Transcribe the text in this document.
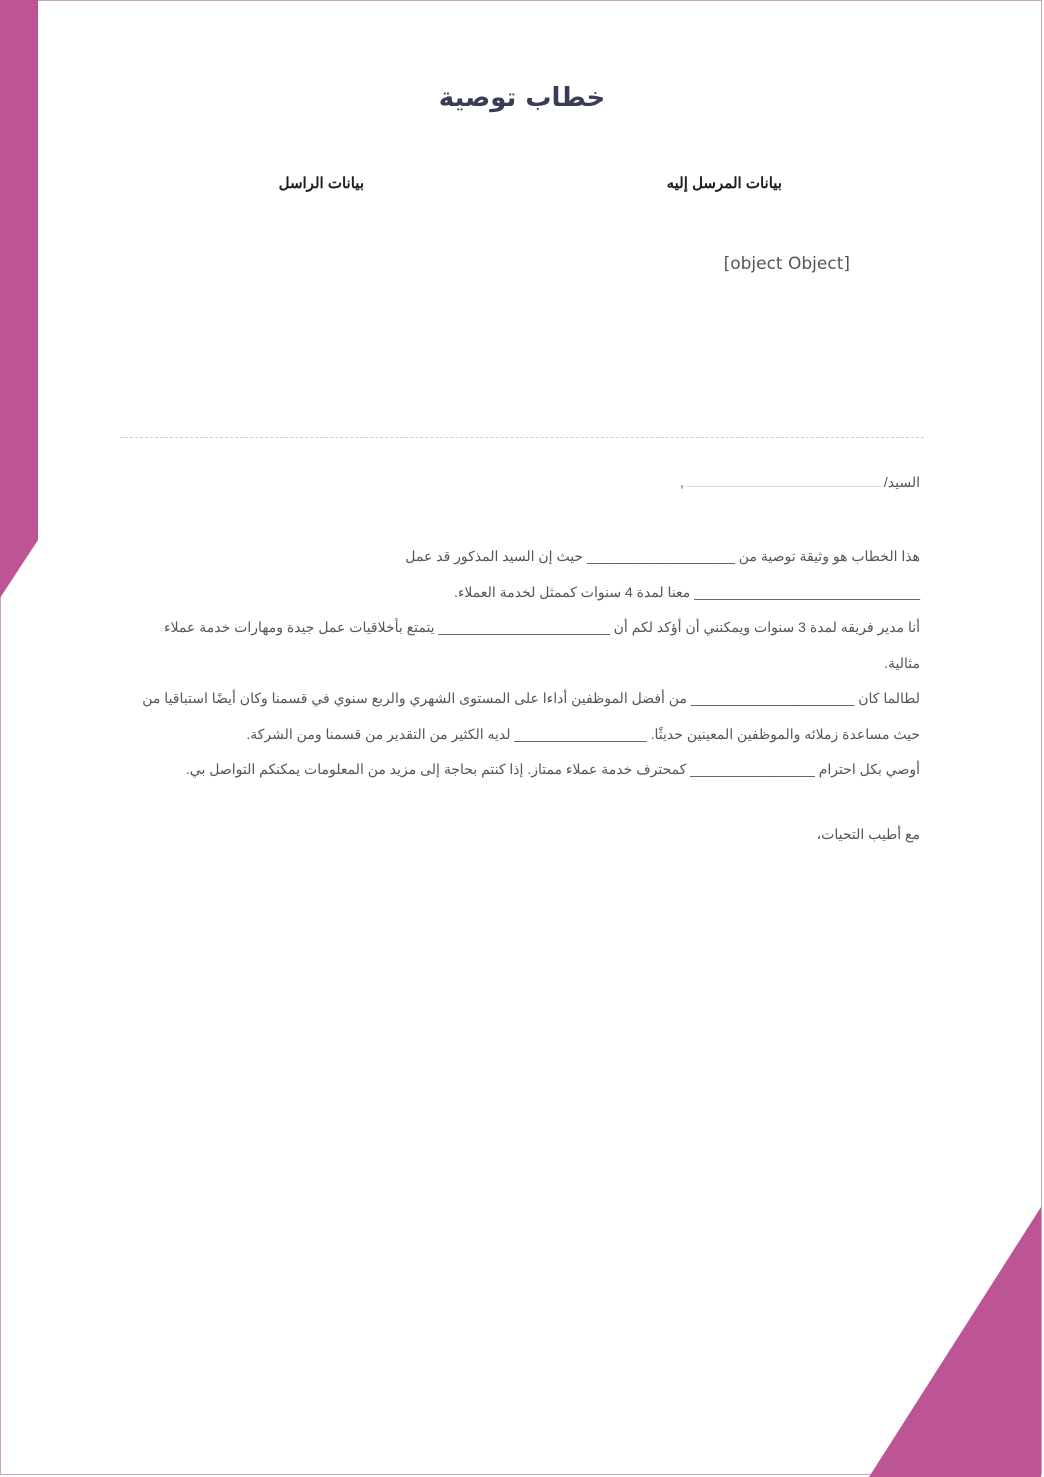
خطاب توصية
بيانات المرسل إليه
بيانات الراسل
[object Object]
السيد/,
هذا الخطاب هو وثيقة توصية من ___________________ حيث إن السيد المذكور قد عمل
_____________________________ معنا لمدة 4 سنوات كممثل لخدمة العملاء.
أنا مدير فريقه لمدة 3 سنوات ويمكنني أن أؤكد لكم أن ______________________ يتمتع بأخلاقيات عمل جيدة ومهارات خدمة عملاء مثالية.
لطالما كان _____________________ من أفضل الموظفين أداءا على المستوى الشهري والربع سنوي في قسمنا وكان أيضًا استباقيا من حيث مساعدة زملائه والموظفين المعينين حديثًا. _________________ لديه الكثير من التقدير من قسمنا ومن الشركة.
أوصي بكل احترام ________________ كمحترف خدمة عملاء ممتاز. إذا كنتم بحاجة إلى مزيد من المعلومات يمكنكم التواصل بي.
مع أطيب التحيات،
